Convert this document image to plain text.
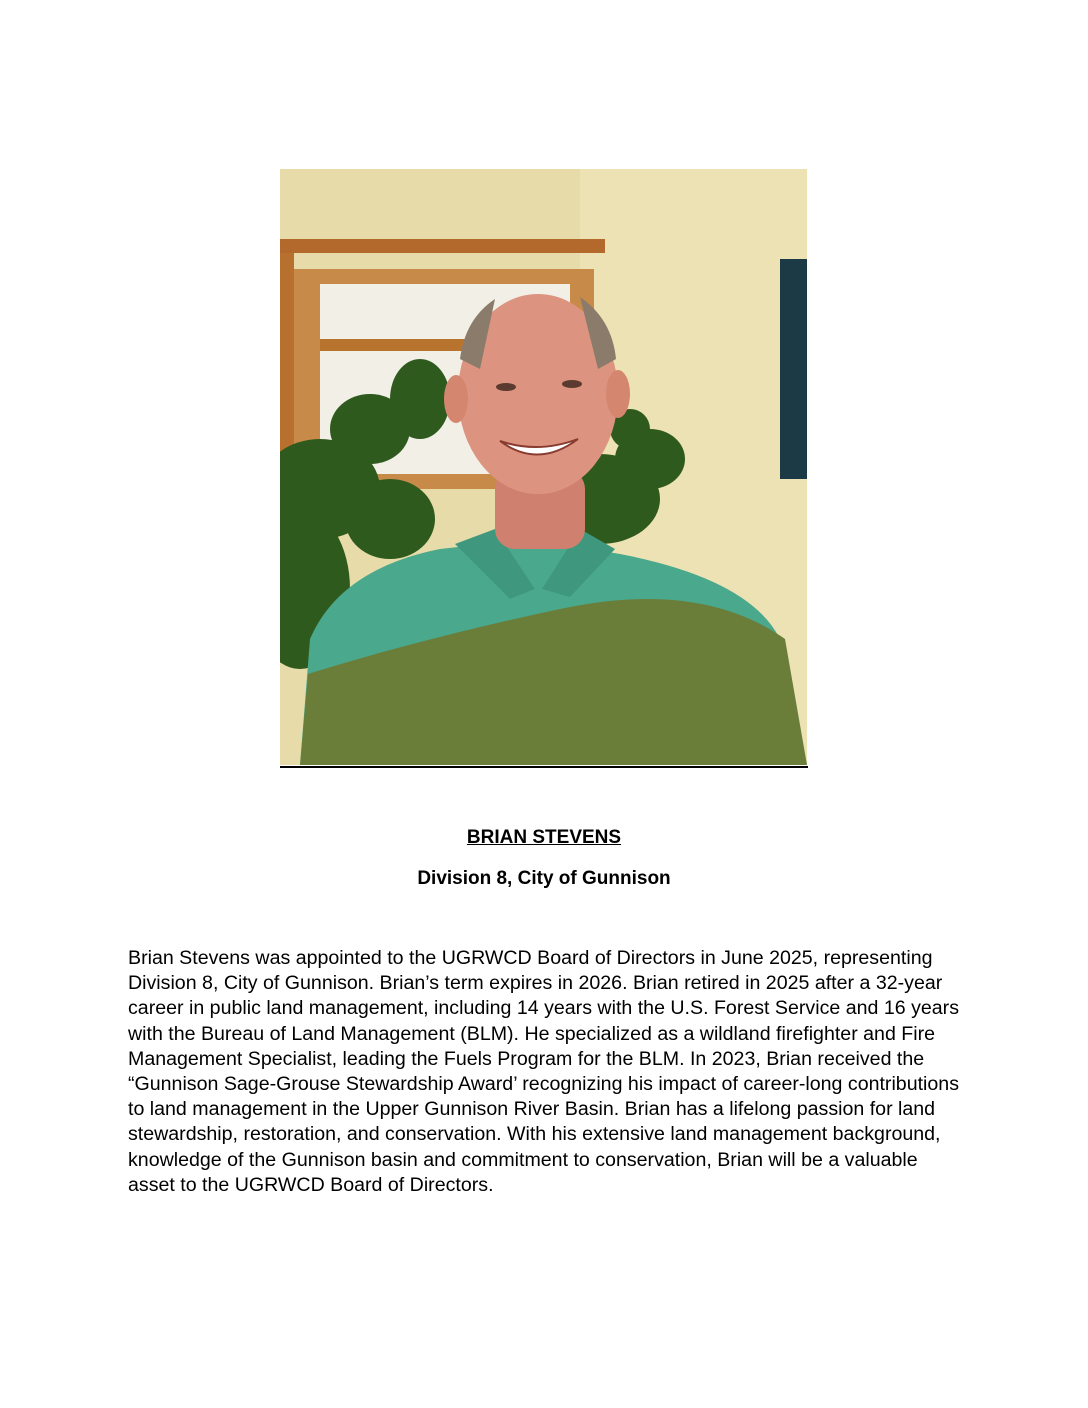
BRIAN STEVENS
Division 8, City of Gunnison

Brian Stevens was appointed to the UGRWCD Board of Directors in June 2025, representing Division 8, City of Gunnison. Brian’s term expires in 2026. Brian retired in 2025 after a 32-year career in public land management, including 14 years with the U.S. Forest Service and 16 years with the Bureau of Land Management (BLM). He specialized as a wildland firefighter and Fire Management Specialist, leading the Fuels Program for the BLM. In 2023, Brian received the “Gunnison Sage-Grouse Stewardship Award’ recognizing his impact of career-long contributions to land management in the Upper Gunnison River Basin. Brian has a lifelong passion for land stewardship, restoration, and conservation. With his extensive land management background, knowledge of the Gunnison basin and commitment to conservation, Brian will be a valuable asset to the UGRWCD Board of Directors.
